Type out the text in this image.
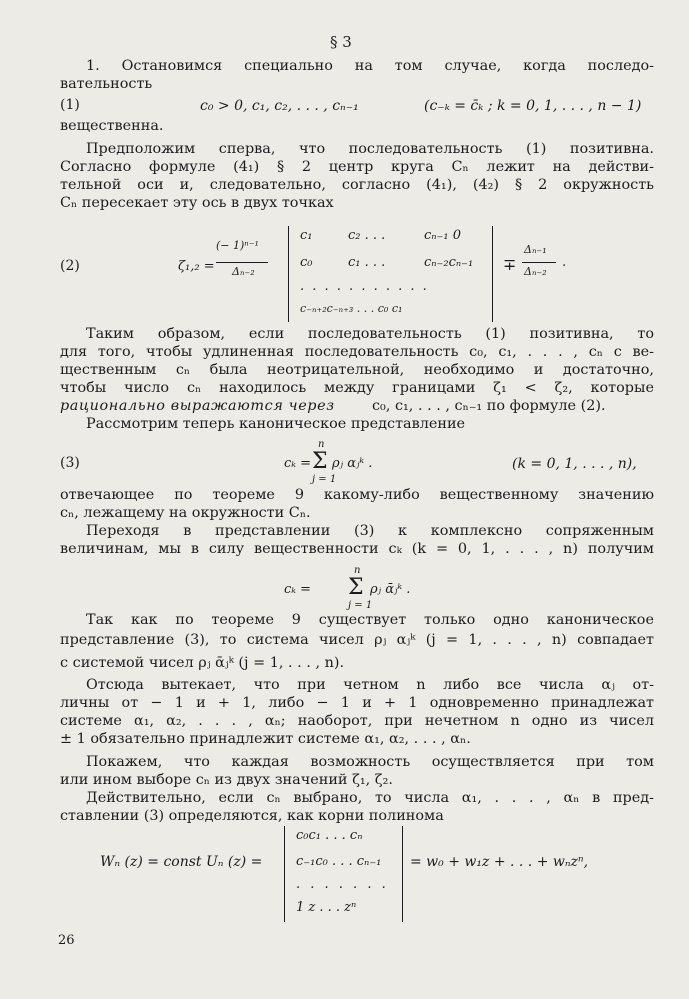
§ 3
1. Остановимся специально на том случае, когда последо-
вательность
(1)	c₀ > 0, c₁, c₂, . . . , cₙ₋₁	(c₋ₖ = c̄ₖ ; k = 0, 1, . . . , n − 1)
вещественна.
Предположим сперва, что последовательность (1) позитивна.
Согласно формуле (4₁) § 2 центр круга Cₙ лежит на действи-
тельной оси и, следовательно, согласно (4₁), (4₂) § 2 окружность
Cₙ пересекает эту ось в двух точках
(2)	ζ₁,₂ =
(− 1)ⁿ⁻¹
Δₙ₋₂
c₁	c₂ . . .	cₙ₋₁ 0
c₀	c₁ . . .	cₙ₋₂cₙ₋₁
. . . . . . . . . . .
c₋ₙ₊₂c₋ₙ₊₃ . . . c₀ c₁
∓
Δₙ₋₁
Δₙ₋₂
.
Таким образом, если последовательность (1) позитивна, то
для того, чтобы удлиненная последовательность c₀, c₁, . . . , cₙ с ве-
щественным cₙ была неотрицательной, необходимо и достаточно,
чтобы число cₙ находилось между границами ζ₁ < ζ₂, которые
рационально выражаются через	c₀, c₁, . . . , cₙ₋₁ по формуле (2).
Рассмотрим теперь каноническое представление
(3)	cₖ =
n
Σ
j = 1
ρⱼ αⱼᵏ .	(k = 0, 1, . . . , n),
отвечающее по теореме 9 какому-либо вещественному значению
cₙ, лежащему на окружности Cₙ.
Переходя в представлении (3) к комплексно сопряженным
величинам, мы в силу вещественности cₖ (k = 0, 1, . . . , n) получим
cₖ =
n
Σ
j = 1
ρⱼ ᾱⱼᵏ .
Так как по теореме 9 существует только одно каноническое
представление (3), то система чисел ρⱼ αⱼᵏ (j = 1, . . . , n) совпадает
с системой чисел ρⱼ ᾱⱼᵏ (j = 1, . . . , n).
Отсюда вытекает, что при четном n либо все числа αⱼ от-
личны от − 1 и + 1, либо − 1 и + 1 одновременно принадлежат
системе α₁, α₂, . . . , αₙ; наоборот, при нечетном n одно из чисел
± 1 обязательно принадлежит системе α₁, α₂, . . . , αₙ.
Покажем, что каждая возможность осуществляется при том
или ином выборе cₙ из двух значений ζ₁, ζ₂.
Действительно, если cₙ выбрано, то числа α₁, . . . , αₙ в пред-
ставлении (3) определяются, как корни полинома
Wₙ (z) = const Uₙ (z) =
c₀c₁ . . . cₙ
c₋₁c₀ . . . cₙ₋₁
. . . . . . .
1 z . . . zⁿ
= w₀ + w₁z + . . . + wₙzⁿ,
26
